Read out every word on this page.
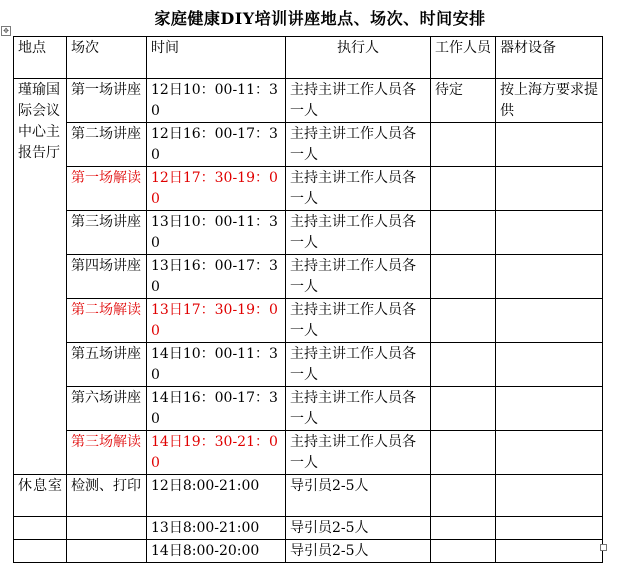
家庭健康DIY培训讲座地点、场次、时间安排
✥
地点	场次	时间	执行人	工作人员	器材设备
瑾瑜国际会议中心主报告厅	第一场讲座	12日10：00-11：30	主持主讲工作人员各一人	待定	按上海方要求提供
	第二场讲座	12日16：00-17：30	主持主讲工作人员各一人		
	第一场解读	12日17：30-19：00	主持主讲工作人员各一人		
	第三场讲座	13日10：00-11：30	主持主讲工作人员各一人		
	第四场讲座	13日16：00-17：30	主持主讲工作人员各一人		
	第二场解读	13日17：30-19：00	主持主讲工作人员各一人		
	第五场讲座	14日10：00-11：30	主持主讲工作人员各一人		
	第六场讲座	14日16：00-17：30	主持主讲工作人员各一人		
	第三场解读	14日19：30-21：00	主持主讲工作人员各一人		
休息室	检测、打印	12日8:00-21:00	导引员2-5人		
		13日8:00-21:00	导引员2-5人		
		14日8:00-20:00	导引员2-5人		
